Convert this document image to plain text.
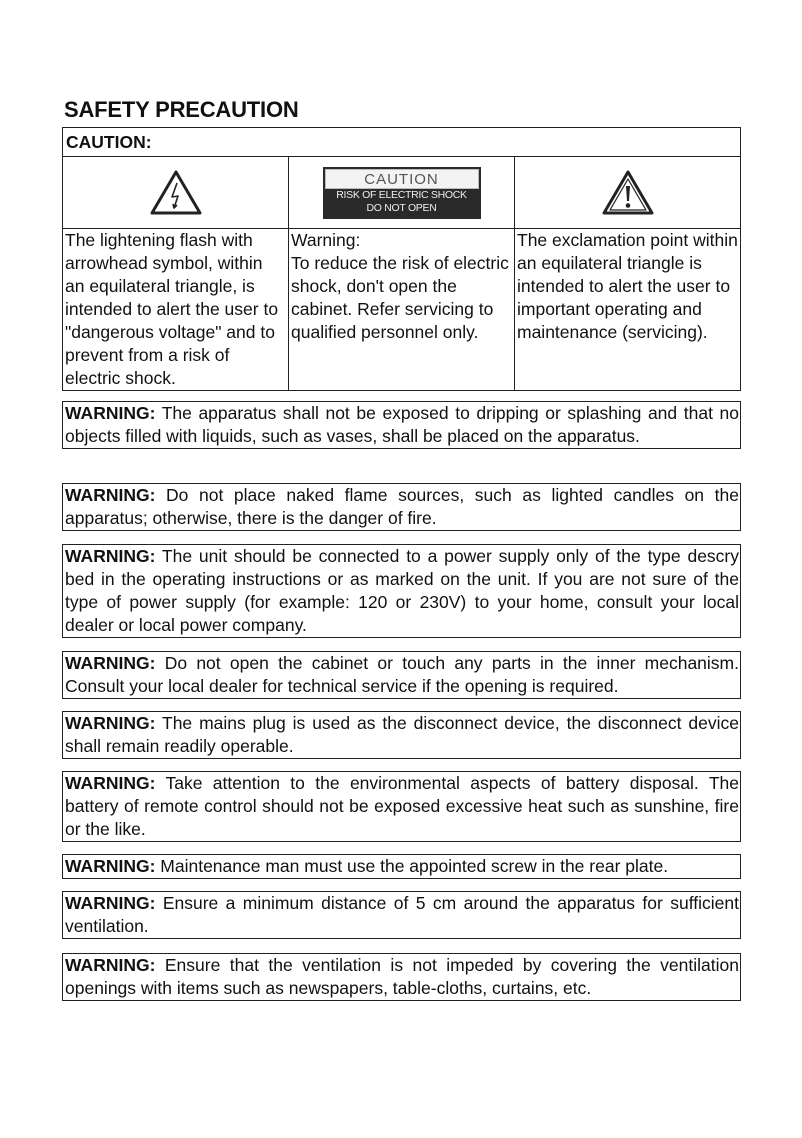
SAFETY PRECAUTION
CAUTION:
CAUTION
RISK OF ELECTRIC SHOCK
DO NOT OPEN
The lightening flash with arrowhead symbol, within an equilateral triangle, is intended to alert the user to "dangerous voltage" and to prevent from a risk of electric shock.
Warning:
To reduce the risk of electric shock, don't open the cabinet. Refer servicing to qualified personnel only.
The exclamation point within an equilateral triangle is intended to alert the user to important operating and maintenance (servicing).
WARNING: The apparatus shall not be exposed to dripping or splashing and that no objects filled with liquids, such as vases, shall be placed on the apparatus.
WARNING: Do not place naked flame sources, such as lighted candles on the apparatus; otherwise, there is the danger of fire.
WARNING: The unit should be connected to a power supply only of the type descry bed in the operating instructions or as marked on the unit. If you are not sure of the type of power supply (for example: 120 or 230V) to your home, consult your local dealer or local power company.
WARNING: Do not open the cabinet or touch any parts in the inner mechanism. Consult your local dealer for technical service if the opening is required.
WARNING: The mains plug is used as the disconnect device, the disconnect device shall remain readily operable.
WARNING: Take attention to the environmental aspects of battery disposal. The battery of remote control should not be exposed excessive heat such as sunshine, fire or the like.
WARNING: Maintenance man must use the appointed screw in the rear plate.
WARNING: Ensure a minimum distance of 5 cm around the apparatus for sufficient ventilation.
WARNING: Ensure that the ventilation is not impeded by covering the ventilation openings with items such as newspapers, table-cloths, curtains, etc.
